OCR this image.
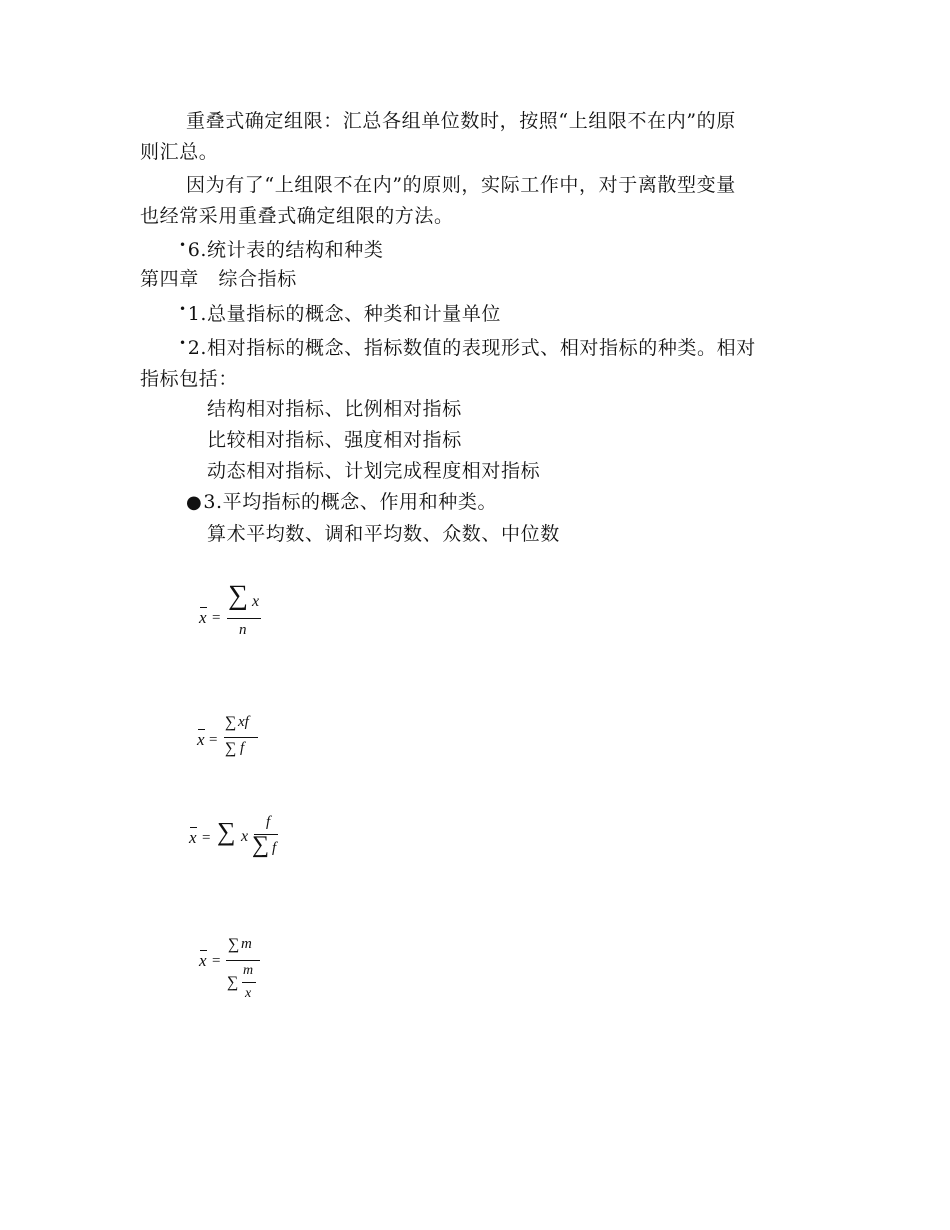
重叠式确定组限：汇总各组单位数时，按照“上组限不在内”的原
则汇总。
因为有了“上组限不在内”的原则，实际工作中，对于离散型变量
也经常采用重叠式确定组限的方法。
•6.统计表的结构和种类
第四章　综合指标
•1.总量指标的概念、种类和计量单位
•2.相对指标的概念、指标数值的表现形式、相对指标的种类。相对
指标包括：
结构相对指标、比例相对指标
比较相对指标、强度相对指标
动态相对指标、计划完成程度相对指标
●3.平均指标的概念、作用和种类。
算术平均数、调和平均数、众数、中位数
x =
∑ x
n
x =
∑ xf
∑ f
x = ∑ x
f
∑ f
x =
∑ m
∑
m
x
